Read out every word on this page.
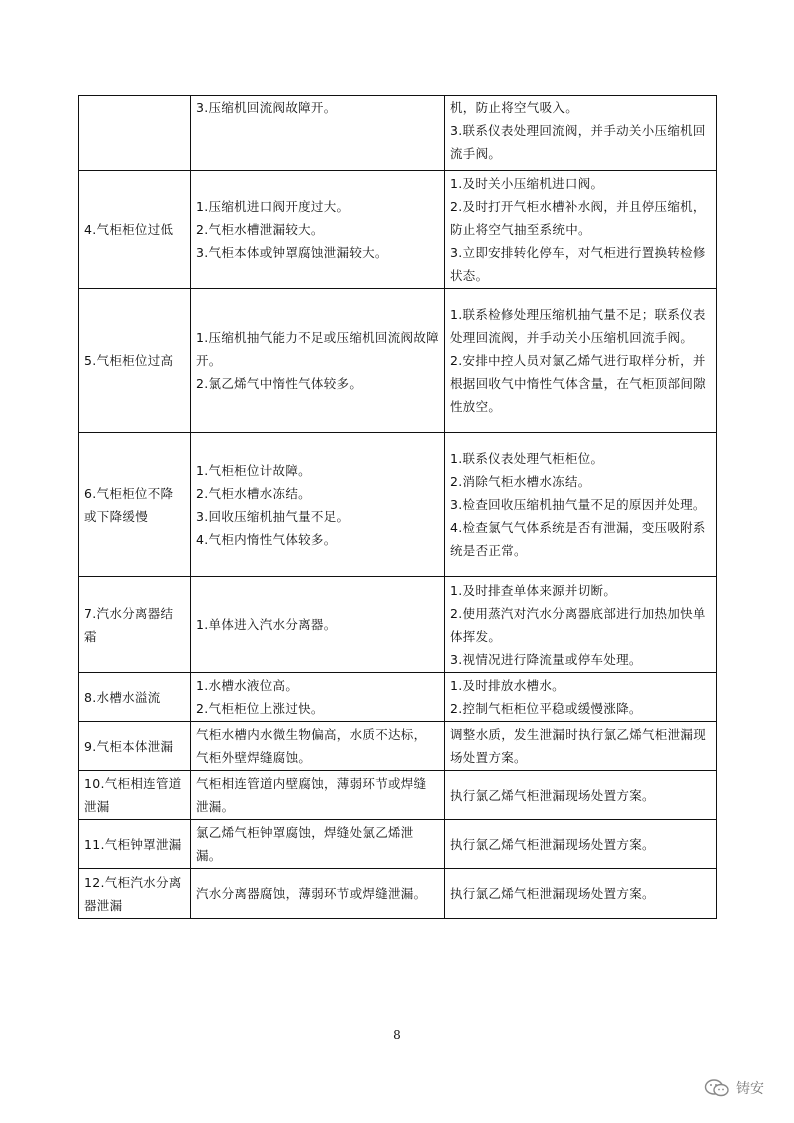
	3.压缩机回流阀故障开。	机，防止将空气吸入。
3.联系仪表处理回流阀，并手动关小压缩机回流手阀。

4.气柜柜位过低	1.压缩机进口阀开度过大。
2.气柜水槽泄漏较大。
3.气柜本体或钟罩腐蚀泄漏较大。	1.及时关小压缩机进口阀。
2.及时打开气柜水槽补水阀，并且停压缩机，防止将空气抽至系统中。
3.立即安排转化停车，对气柜进行置换转检修状态。

5.气柜柜位过高	1.压缩机抽气能力不足或压缩机回流阀故障开。
2.氯乙烯气中惰性气体较多。	1.联系检修处理压缩机抽气量不足；联系仪表处理回流阀，并手动关小压缩机回流手阀。
2.安排中控人员对氯乙烯气进行取样分析，并根据回收气中惰性气体含量，在气柜顶部间隙性放空。

6.气柜柜位不降或下降缓慢	1.气柜柜位计故障。
2.气柜水槽水冻结。
3.回收压缩机抽气量不足。
4.气柜内惰性气体较多。	1.联系仪表处理气柜柜位。
2.消除气柜水槽水冻结。
3.检查回收压缩机抽气量不足的原因并处理。
4.检查氯气气体系统是否有泄漏，变压吸附系统是否正常。

7.汽水分离器结霜	1.单体进入汽水分离器。	1.及时排查单体来源并切断。
2.使用蒸汽对汽水分离器底部进行加热加快单体挥发。
3.视情况进行降流量或停车处理。

8.水槽水溢流	1.水槽水液位高。
2.气柜柜位上涨过快。	1.及时排放水槽水。
2.控制气柜柜位平稳或缓慢涨降。

9.气柜本体泄漏	气柜水槽内水微生物偏高，水质不达标，气柜外壁焊缝腐蚀。	调整水质，发生泄漏时执行氯乙烯气柜泄漏现场处置方案。

10.气柜相连管道泄漏	气柜相连管道内壁腐蚀，薄弱环节或焊缝泄漏。	执行氯乙烯气柜泄漏现场处置方案。

11.气柜钟罩泄漏	氯乙烯气柜钟罩腐蚀，焊缝处氯乙烯泄漏。	执行氯乙烯气柜泄漏现场处置方案。

12.气柜汽水分离器泄漏	汽水分离器腐蚀，薄弱环节或焊缝泄漏。	执行氯乙烯气柜泄漏现场处置方案。
8
铸安
